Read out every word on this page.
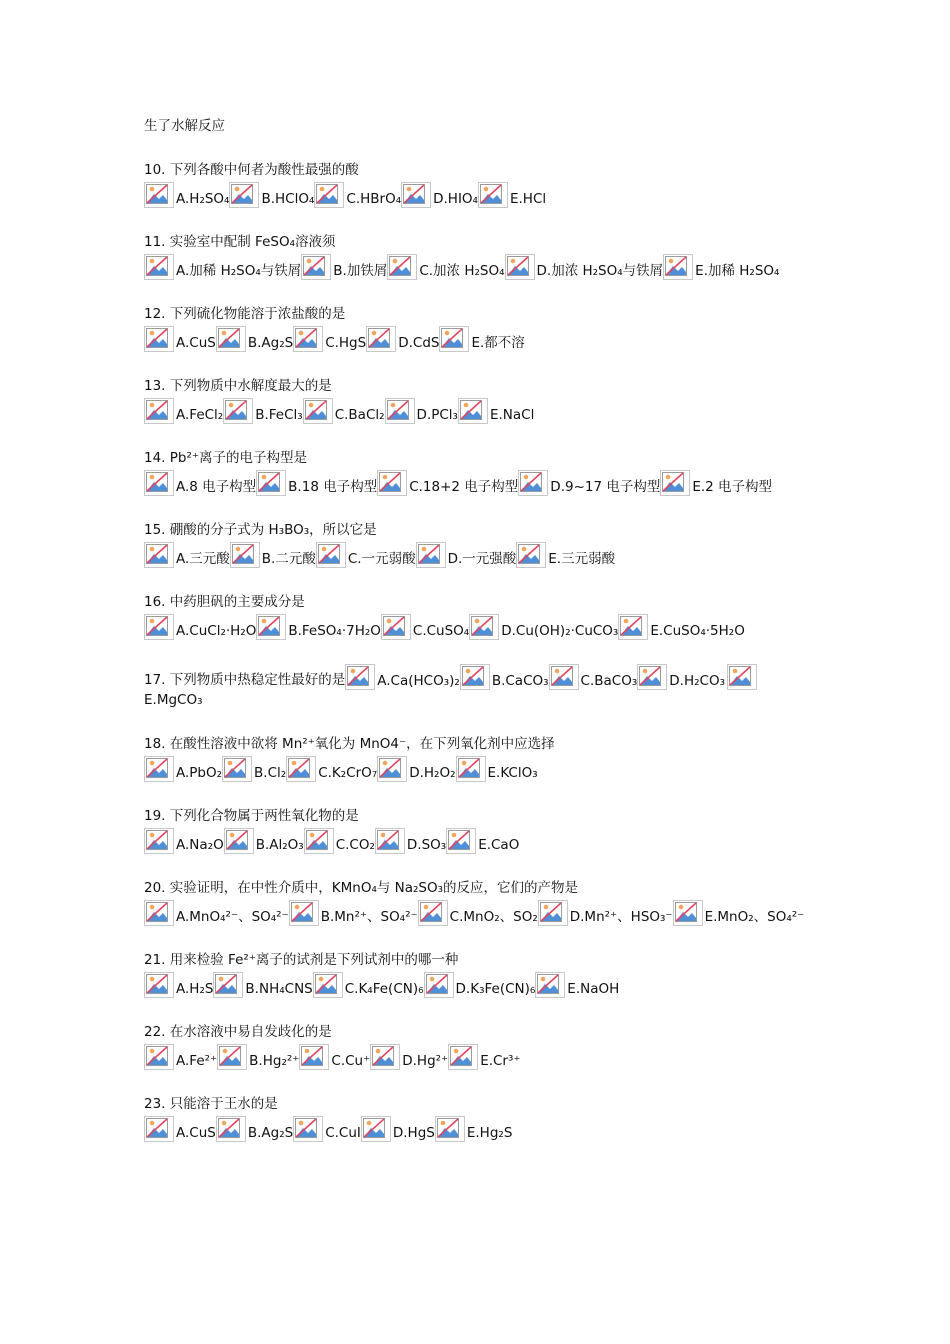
生了水解反应
10. 下列各酸中何者为酸性最强的酸
A.H₂SO₄ B.HClO₄ C.HBrO₄ D.HIO₄ E.HCl
11. 实验室中配制 FeSO₄溶液须
A.加稀 H₂SO₄与铁屑 B.加铁屑 C.加浓 H₂SO₄ D.加浓 H₂SO₄与铁屑 E.加稀 H₂SO₄
12. 下列硫化物能溶于浓盐酸的是
A.CuS B.Ag₂S C.HgS D.CdS E.都不溶
13. 下列物质中水解度最大的是
A.FeCl₂ B.FeCl₃ C.BaCl₂ D.PCl₃ E.NaCl
14. Pb²⁺离子的电子构型是
A.8 电子构型 B.18 电子构型 C.18+2 电子构型 D.9~17 电子构型 E.2 电子构型
15. 硼酸的分子式为 H₃BO₃，所以它是
A.三元酸 B.二元酸 C.一元弱酸 D.一元强酸 E.三元弱酸
16. 中药胆矾的主要成分是
A.CuCl₂·H₂O B.FeSO₄·7H₂O C.CuSO₄ D.Cu(OH)₂·CuCO₃ E.CuSO₄·5H₂O
17. 下列物质中热稳定性最好的是 A.Ca(HCO₃)₂ B.CaCO₃ C.BaCO₃ D.H₂CO₃
E.MgCO₃
18. 在酸性溶液中欲将 Mn²⁺氧化为 MnO4⁻，在下列氧化剂中应选择
A.PbO₂ B.Cl₂ C.K₂CrO₇ D.H₂O₂ E.KClO₃
19. 下列化合物属于两性氧化物的是
A.Na₂O B.Al₂O₃ C.CO₂ D.SO₃ E.CaO
20. 实验证明，在中性介质中，KMnO₄与 Na₂SO₃的反应，它们的产物是
A.MnO₄²⁻、SO₄²⁻ B.Mn²⁺、SO₄²⁻ C.MnO₂、SO₂ D.Mn²⁺、HSO₃⁻ E.MnO₂、SO₄²⁻
21. 用来检验 Fe²⁺离子的试剂是下列试剂中的哪一种
A.H₂S B.NH₄CNS C.K₄Fe(CN)₆ D.K₃Fe(CN)₆ E.NaOH
22. 在水溶液中易自发歧化的是
A.Fe²⁺ B.Hg₂²⁺ C.Cu⁺ D.Hg²⁺ E.Cr³⁺
23. 只能溶于王水的是
A.CuS B.Ag₂S C.CuI D.HgS E.Hg₂S
